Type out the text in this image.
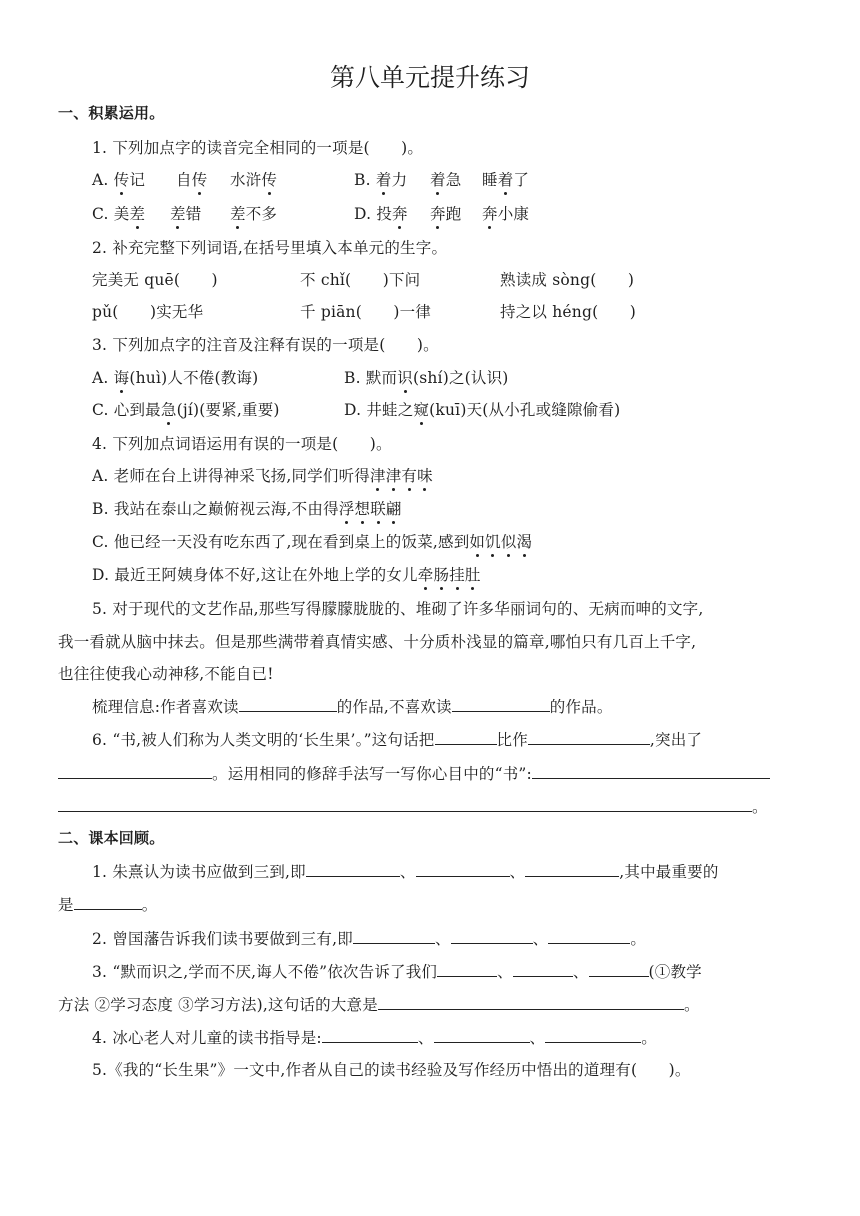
第八单元提升练习
一、积累运用。
1. 下列加点字的读音完全相同的一项是(　　)。
A. 传记 自传 水浒传	B. 着力 着急 睡着了
C. 美差 差错 差不多	D. 投奔 奔跑 奔小康
2. 补充完整下列词语,在括号里填入本单元的生字。
完美无 quē(　　)	不 chǐ(　　)下问	熟读成 sòng(　　)
pǔ(　　)实无华	千 piān(　　)一律	持之以 héng(　　)
3. 下列加点字的注音及注释有误的一项是(　　)。
A. 诲(huì)人不倦(教诲)	B. 默而识(shí)之(认识)
C. 心到最急(jí)(要紧,重要)	D. 井蛙之窥(kuī)天(从小孔或缝隙偷看)
4. 下列加点词语运用有误的一项是(　　)。
A. 老师在台上讲得神采飞扬,同学们听得津津有味
B. 我站在泰山之巅俯视云海,不由得浮想联翩
C. 他已经一天没有吃东西了,现在看到桌上的饭菜,感到如饥似渴
D. 最近王阿姨身体不好,这让在外地上学的女儿牵肠挂肚
5. 对于现代的文艺作品,那些写得朦朦胧胧的、堆砌了许多华丽词句的、无病而呻的文字,
我一看就从脑中抹去。但是那些满带着真情实感、十分质朴浅显的篇章,哪怕只有几百上千字,
也往往使我心动神移,不能自已!
梳理信息:作者喜欢读	的作品,不喜欢读	的作品。
6. “书,被人们称为人类文明的‘长生果’。”这句话把	比作	,突出了
。运用相同的修辞手法写一写你心目中的“书”:
。
二、课本回顾。
1. 朱熹认为读书应做到三到,即	、	、	,其中最重要的
是	。
2. 曾国藩告诉我们读书要做到三有,即	、	、	。
3. “默而识之,学而不厌,诲人不倦”依次告诉了我们	、	、	(①教学
方法 ②学习态度 ③学习方法),这句话的大意是	。
4. 冰心老人对儿童的读书指导是:	、	、	。
5.《我的“长生果”》一文中,作者从自己的读书经验及写作经历中悟出的道理有(　　)。
